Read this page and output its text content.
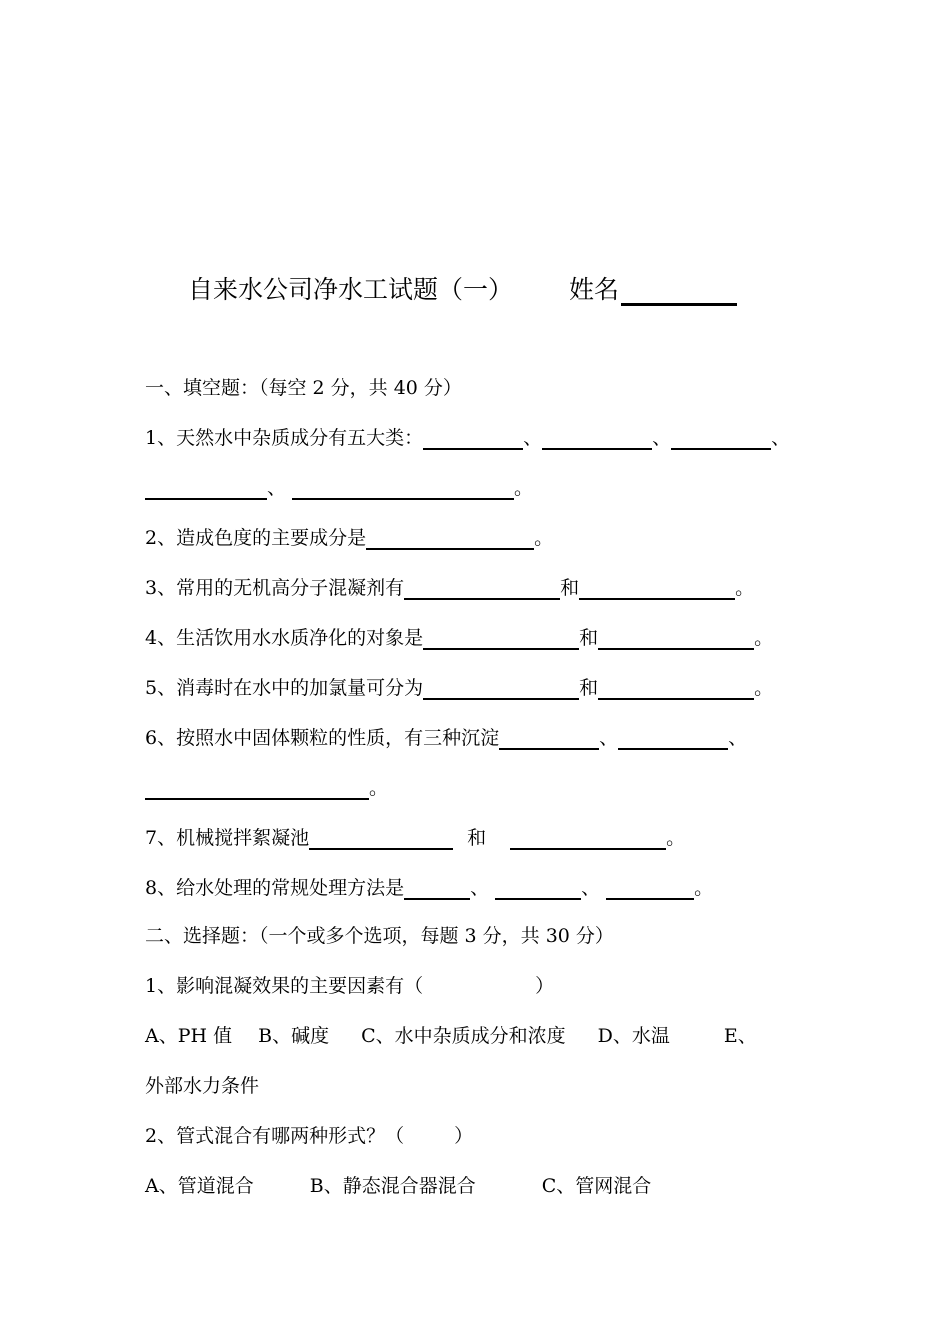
自来水公司净水工试题（一） 姓名
一、填空题：（每空 2 分，共 40 分）
1、天然水中杂质成分有五大类：	、	、	、
、	。
2、造成色度的主要成分是	。
3、常用的无机高分子混凝剂有	和	。
4、生活饮用水水质净化的对象是	和	。
5、消毒时在水中的加氯量可分为	和	。
6、按照水中固体颗粒的性质，有三种沉淀	、	、
。
7、机械搅拌絮凝池	和	。
8、给水处理的常规处理方法是	、	、	。
二、选择题：（一个或多个选项，每题 3 分，共 30 分）
1、影响混凝效果的主要因素有（	）
A、PH 值 B、碱度 C、水中杂质成分和浓度 D、水温	E、
外部水力条件
2、管式混合有哪两种形式？（	）
A、管道混合	B、静态混合器混合	C、管网混合
